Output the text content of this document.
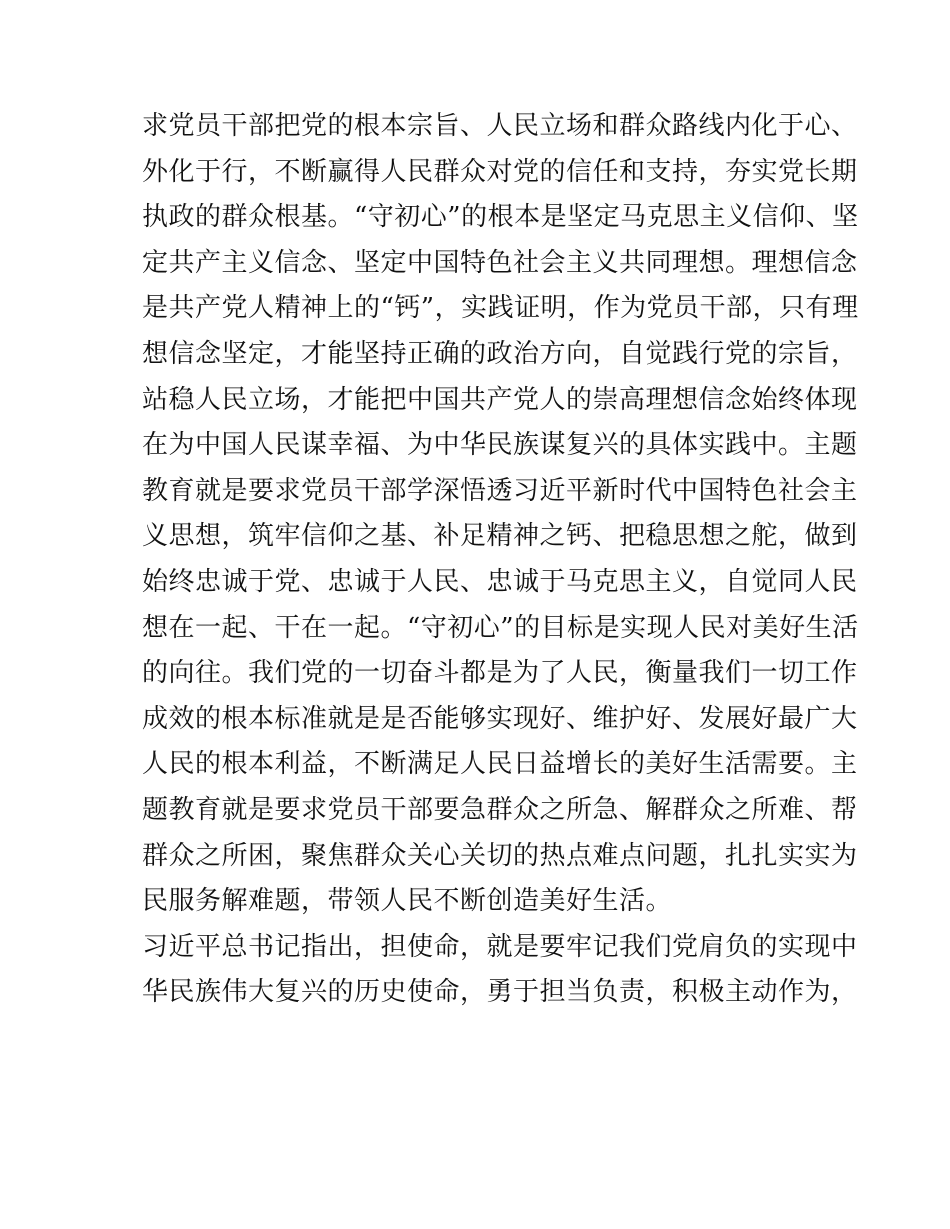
求党员干部把党的根本宗旨、人民立场和群众路线内化于心、
外化于行，不断赢得人民群众对党的信任和支持，夯实党长期
执政的群众根基。“守初心”的根本是坚定马克思主义信仰、坚
定共产主义信念、坚定中国特色社会主义共同理想。理想信念
是共产党人精神上的“钙”，实践证明，作为党员干部，只有理
想信念坚定，才能坚持正确的政治方向，自觉践行党的宗旨，
站稳人民立场，才能把中国共产党人的崇高理想信念始终体现
在为中国人民谋幸福、为中华民族谋复兴的具体实践中。主题
教育就是要求党员干部学深悟透习近平新时代中国特色社会主
义思想，筑牢信仰之基、补足精神之钙、把稳思想之舵，做到
始终忠诚于党、忠诚于人民、忠诚于马克思主义，自觉同人民
想在一起、干在一起。“守初心”的目标是实现人民对美好生活
的向往。我们党的一切奋斗都是为了人民，衡量我们一切工作
成效的根本标准就是是否能够实现好、维护好、发展好最广大
人民的根本利益，不断满足人民日益增长的美好生活需要。主
题教育就是要求党员干部要急群众之所急、解群众之所难、帮
群众之所困，聚焦群众关心关切的热点难点问题，扎扎实实为
民服务解难题，带领人民不断创造美好生活。
习近平总书记指出，担使命，就是要牢记我们党肩负的实现中
华民族伟大复兴的历史使命，勇于担当负责，积极主动作为，
